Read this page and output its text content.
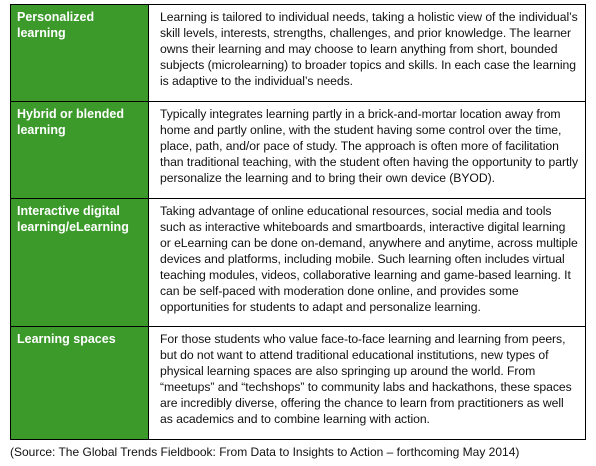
Personalized learning
Learning is tailored to individual needs, taking a holistic view of the individual’s skill levels, interests, strengths, challenges, and prior knowledge. The learner owns their learning and may choose to learn anything from short, bounded subjects (microlearning) to broader topics and skills. In each case the learning is adaptive to the individual’s needs.
Hybrid or blended learning
Typically integrates learning partly in a brick-and-mortar location away from home and partly online, with the student having some control over the time, place, path, and/or pace of study. The approach is often more of facilitation than traditional teaching, with the student often having the opportunity to partly personalize the learning and to bring their own device (BYOD).
Interactive digital learning/eLearning
Taking advantage of online educational resources, social media and tools such as interactive whiteboards and smartboards, interactive digital learning or eLearning can be done on-demand, anywhere and anytime, across multiple devices and platforms, including mobile. Such learning often includes virtual teaching modules, videos, collaborative learning and game-based learning. It can be self-paced with moderation done online, and provides some opportunities for students to adapt and personalize learning.
Learning spaces	For those students who value face-to-face learning and learning from peers, but do not want to attend traditional educational institutions, new types of physical learning spaces are also springing up around the world. From “meetups” and “techshops” to community labs and hackathons, these spaces are incredibly diverse, offering the chance to learn from practitioners as well as academics and to combine learning with action.
(Source: The Global Trends Fieldbook: From Data to Insights to Action – forthcoming May 2014)
